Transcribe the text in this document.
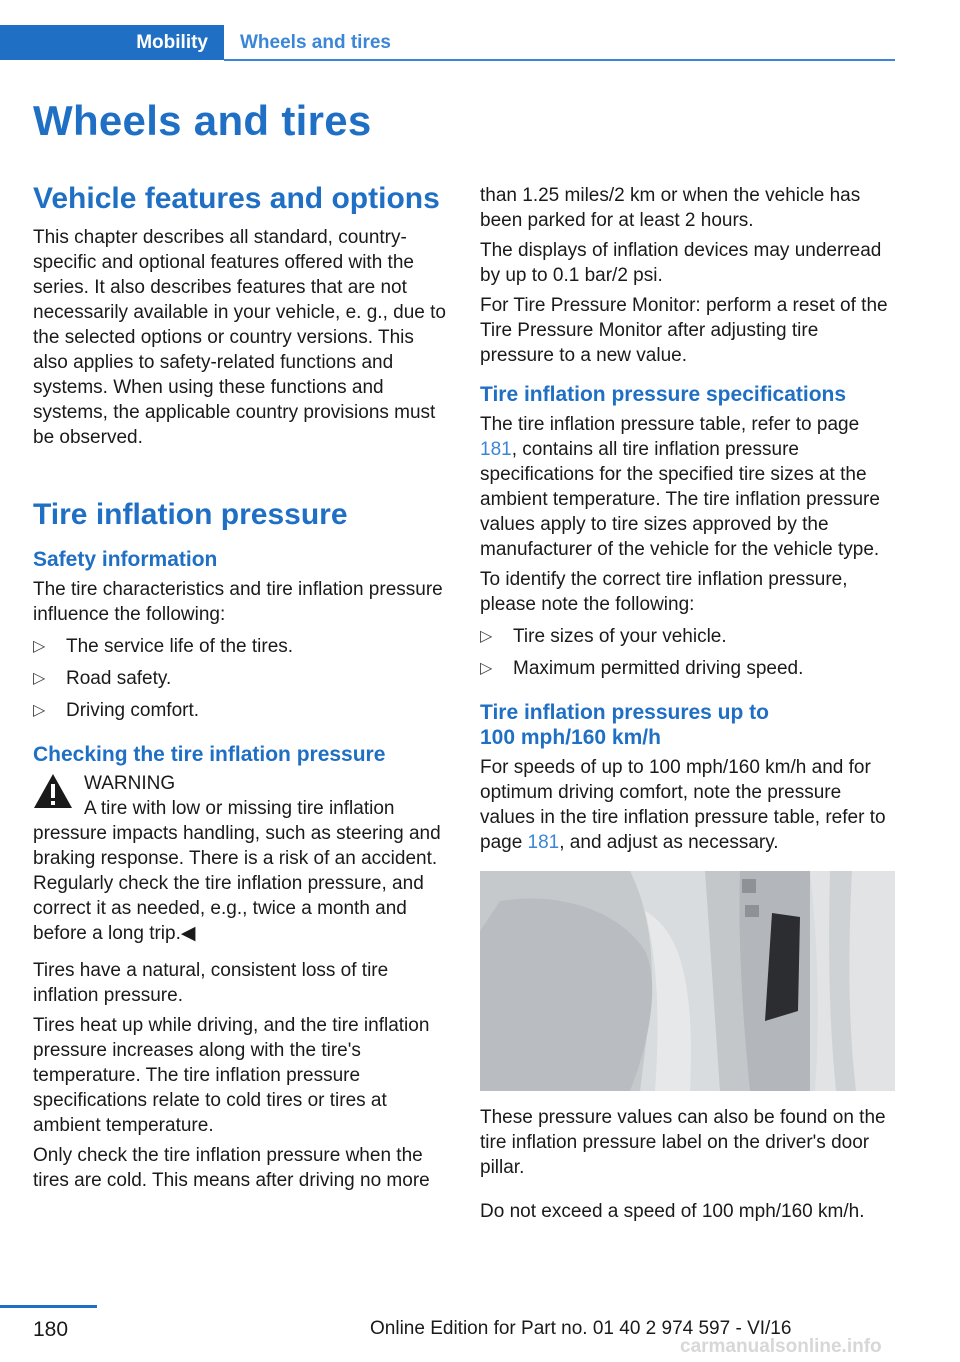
Mobility	Wheels and tires
Wheels and tires
Vehicle features and options

This chapter describes all standard, country-specific and optional features offered with the series. It also describes features that are not necessarily available in your vehicle, e. g., due to the selected options or country versions. This also applies to safety-related functions and systems. When using these functions and systems, the applicable country provisions must be observed.

Tire inflation pressure
Safety information

The tire characteristics and tire inflation pressure influence the following:

▷ The service life of the tires.
▷ Road safety.
▷ Driving comfort.
Checking the tire inflation pressure

WARNING

A tire with low or missing tire inflation pressure impacts handling, such as steering and braking response. There is a risk of an accident. Regularly check the tire inflation pressure, and correct it as needed, e.g., twice a month and before a long trip.◀

Tires have a natural, consistent loss of tire inflation pressure.

Tires heat up while driving, and the tire inflation pressure increases along with the tire's temperature. The tire inflation pressure specifications relate to cold tires or tires at ambient temperature.

Only check the tire inflation pressure when the tires are cold. This means after driving no more

than 1.25 miles/2 km or when the vehicle has been parked for at least 2 hours.

The displays of inflation devices may underread by up to 0.1 bar/2 psi.

For Tire Pressure Monitor: perform a reset of the Tire Pressure Monitor after adjusting tire pressure to a new value.

Tire inflation pressure specifications

The tire inflation pressure table, refer to page 181, contains all tire inflation pressure specifications for the specified tire sizes at the ambient temperature. The tire inflation pressure values apply to tire sizes approved by the manufacturer of the vehicle for the vehicle type.

To identify the correct tire inflation pressure, please note the following:

▷ Tire sizes of your vehicle.
▷ Maximum permitted driving speed.
Tire inflation pressures up to
100 mph/160 km/h

For speeds of up to 100 mph/160 km/h and for optimum driving comfort, note the pressure values in the tire inflation pressure table, refer to page 181, and adjust as necessary.

These pressure values can also be found on the tire inflation pressure label on the driver's door pillar.

Do not exceed a speed of 100 mph/160 km/h.

180	Online Edition for Part no. 01 40 2 974 597 - VI/16
carmanualsonline.info
